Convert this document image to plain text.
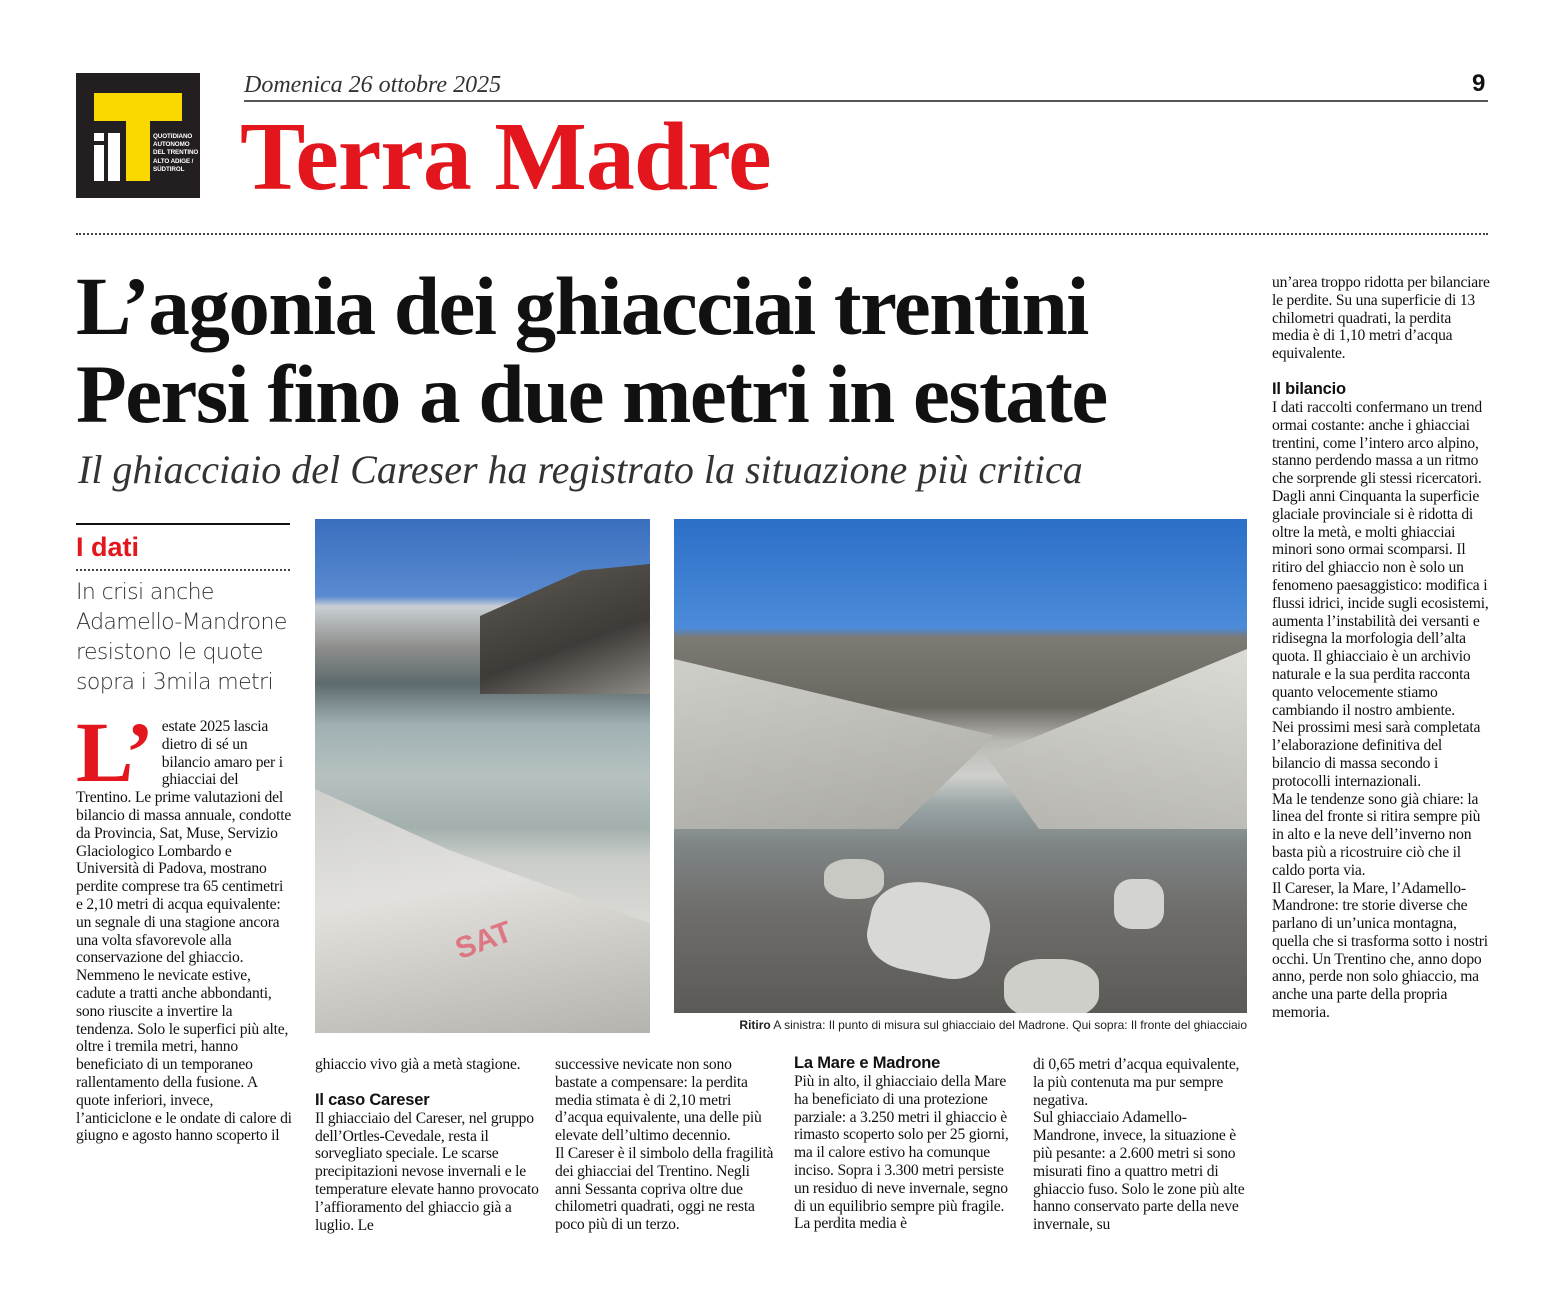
QUOTIDIANO
AUTONOMO
DEL TRENTINO
ALTO ADIGE /
SÜDTIROL
Domenica 26 ottobre 2025	9
Terra Madre
L’agonia dei ghiacciai trentini
Persi fino a due metri in estate
Il ghiacciaio del Careser ha registrato la situazione più critica
I dati
In crisi anche Adamello-Mandrone resistono le quote sopra i 3mila metri
L’ estate 2025 lascia dietro di sé un bilancio amaro per i ghiacciai del Trentino. Le prime valutazioni del bilancio di massa annuale, condotte da Provincia, Sat, Muse, Servizio Glaciologico Lombardo e Università di Padova, mostrano perdite comprese tra 65 centimetri e 2,10 metri di acqua equivalente: un segnale di una stagione ancora una volta sfavorevole alla conservazione del ghiaccio.

Nemmeno le nevicate estive, cadute a tratti anche abbondanti, sono riuscite a invertire la tendenza. Solo le superfici più alte, oltre i tremila metri, hanno beneficiato di un temporaneo rallentamento della fusione. A quote inferiori, invece, l’anticiclone e le ondate di calore di giugno e agosto hanno scoperto il

SAT
Ritiro A sinistra: Il punto di misura sul ghiacciaio del Madrone. Qui sopra: Il fronte del ghiacciaio

ghiaccio vivo già a metà stagione.

Il caso Careser

Il ghiacciaio del Careser, nel gruppo dell’Ortles-Cevedale, resta il sorvegliato speciale. Le scarse precipitazioni nevose invernali e le temperature elevate hanno provocato l’affioramento del ghiaccio già a luglio. Le

successive nevicate non sono bastate a compensare: la perdita media stimata è di 2,10 metri d’acqua equivalente, una delle più elevate dell’ultimo decennio.

Il Careser è il simbolo della fragilità dei ghiacciai del Trentino. Negli anni Sessanta copriva oltre due chilometri quadrati, oggi ne resta poco più di un terzo.

La Mare e Madrone

Più in alto, il ghiacciaio della Mare ha beneficiato di una protezione parziale: a 3.250 metri il ghiaccio è rimasto scoperto solo per 25 giorni, ma il calore estivo ha comunque inciso. Sopra i 3.300 metri persiste un residuo di neve invernale, segno di un equilibrio sempre più fragile. La perdita media è

di 0,65 metri d’acqua equivalente, la più contenuta ma pur sempre negativa.

Sul ghiacciaio Adamello-Mandrone, invece, la situazione è più pesante: a 2.600 metri si sono misurati fino a quattro metri di ghiaccio fuso. Solo le zone più alte hanno conservato parte della neve invernale, su

un’area troppo ridotta per bilanciare le perdite. Su una superficie di 13 chilometri quadrati, la perdita media è di 1,10 metri d’acqua equivalente.

Il bilancio

I dati raccolti confermano un trend ormai costante: anche i ghiacciai trentini, come l’intero arco alpino, stanno perdendo massa a un ritmo che sorprende gli stessi ricercatori. Dagli anni Cinquanta la superficie glaciale provinciale si è ridotta di oltre la metà, e molti ghiacciai minori sono ormai scomparsi. Il ritiro del ghiaccio non è solo un fenomeno paesaggistico: modifica i flussi idrici, incide sugli ecosistemi, aumenta l’instabilità dei versanti e ridisegna la morfologia dell’alta quota. Il ghiacciaio è un archivio naturale e la sua perdita racconta quanto velocemente stiamo cambiando il nostro ambiente.

Nei prossimi mesi sarà completata l’elaborazione definitiva del bilancio di massa secondo i protocolli internazionali.

Ma le tendenze sono già chiare: la linea del fronte si ritira sempre più in alto e la neve dell’inverno non basta più a ricostruire ciò che il caldo porta via.

Il Careser, la Mare, l’Adamello-Mandrone: tre storie diverse che parlano di un’unica montagna, quella che si trasforma sotto i nostri occhi. Un Trentino che, anno dopo anno, perde non solo ghiaccio, ma anche una parte della propria memoria.
